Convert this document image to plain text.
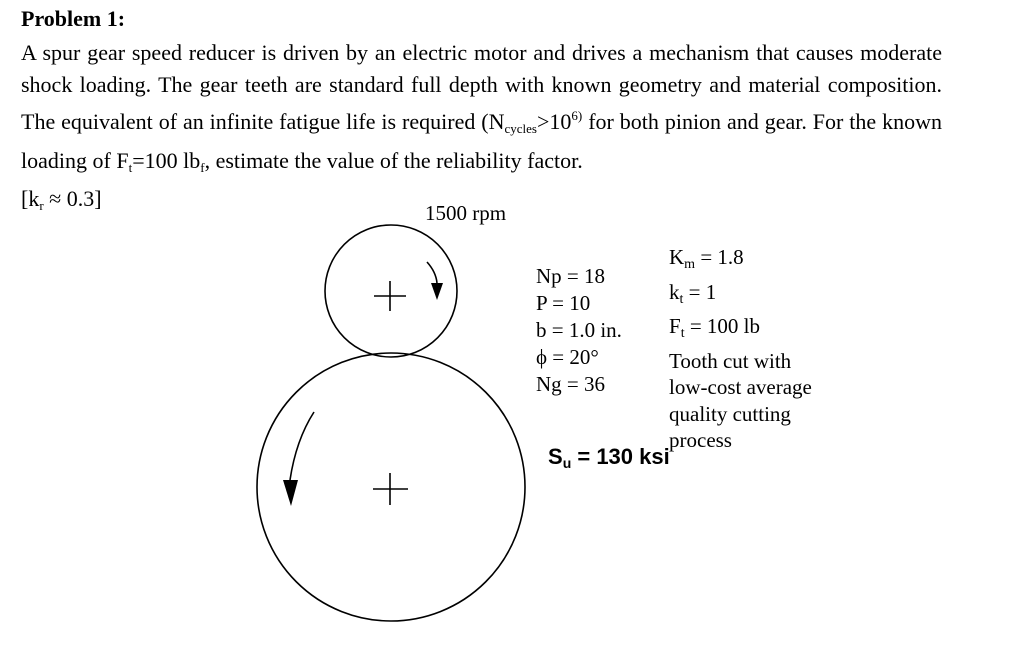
Problem 1:
A spur gear speed reducer is driven by an electric motor and drives a mechanism that causes moderate shock loading. The gear teeth are standard full depth with known geometry and material composition. The equivalent of an infinite fatigue life is required ($N_{cycles}>10^{6)}$ for both pinion and gear. For the known loading of $F_t=100$ $lb_f$, estimate the value of the reliability factor.
$[k_r \approx 0.3]$
1500 rpm
Np = 18
P = 10
b = 1.0 in.
ϕ = 20°
Ng = 36
Km = 1.8
kt = 1
Ft = 100 lb
Tooth cut with
low-cost average
quality cutting
process
Su = 130 ksi
